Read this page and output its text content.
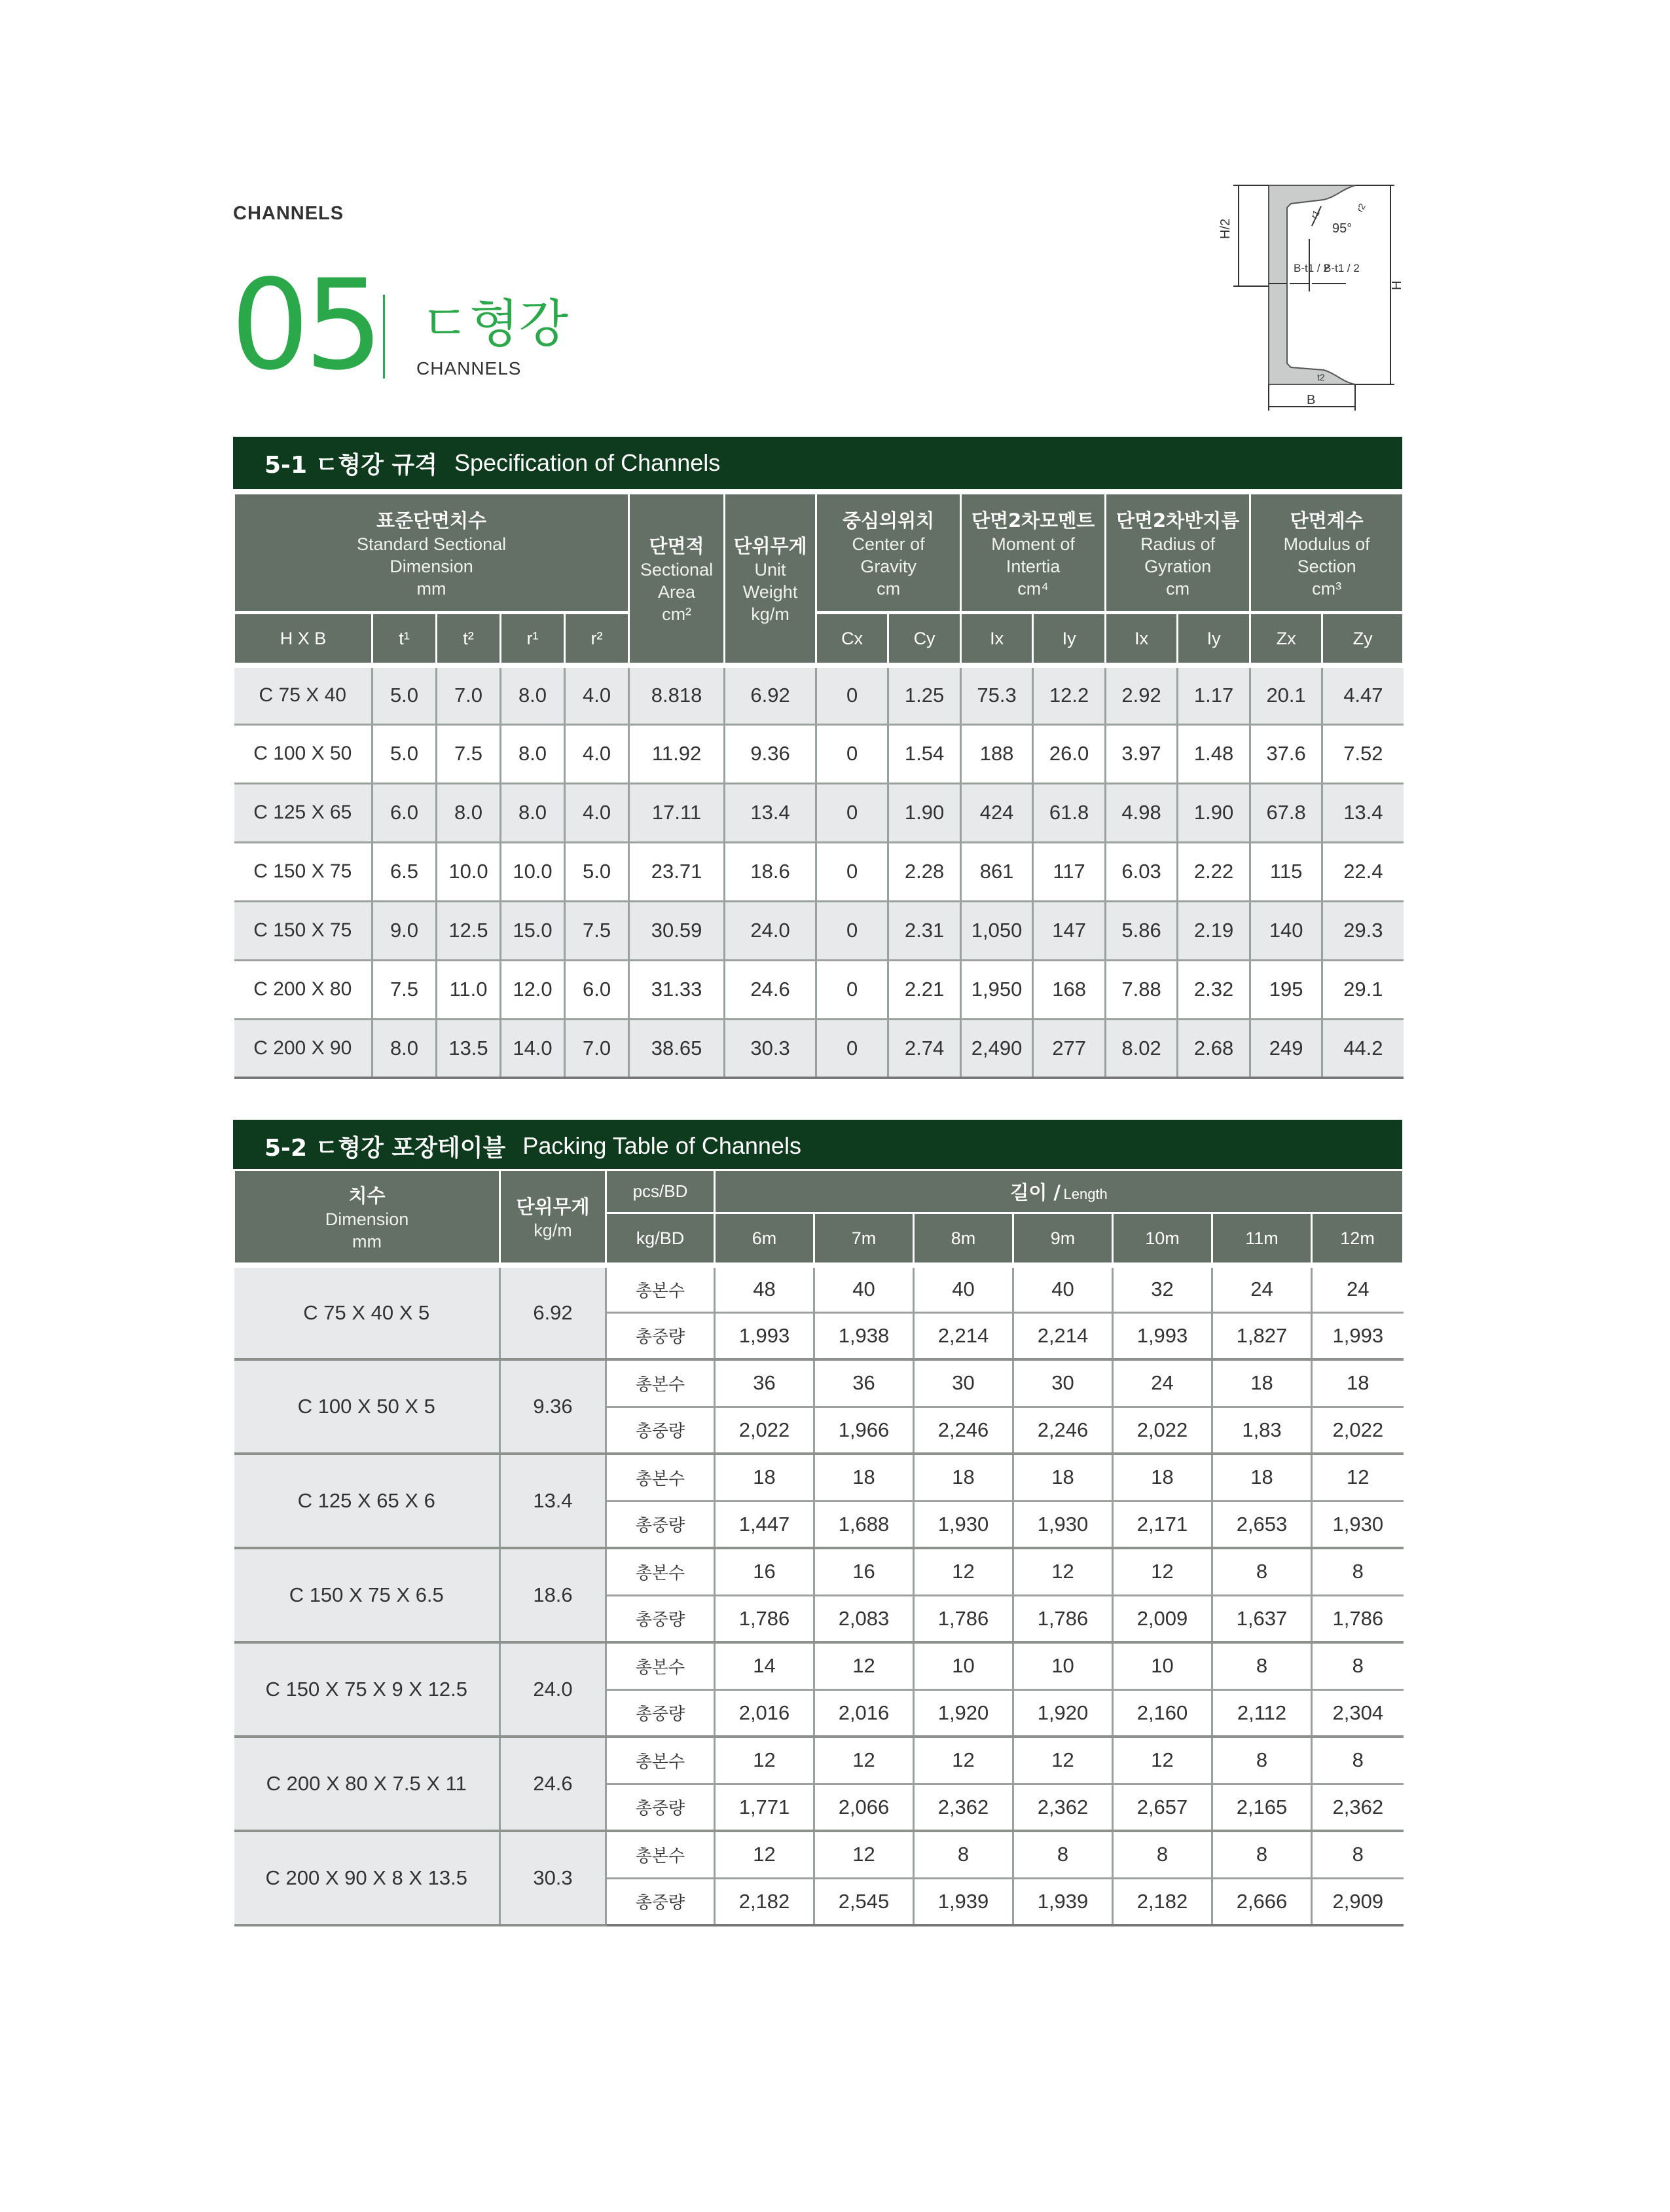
CHANNELS
05 ㄷ형강
CHANNELS
H/2	95°
B-t1 / 2
B-t1 / 2
H
B
t2
r1
r2
5-1 ㄷ형강 규격 Specification of Channels
표준단면치수
Standard Sectional
Dimension
mm					단면적
Sectional
Area
cm²	단위무게
Unit
Weight
kg/m	중심의위치
Center of
Gravity
cm		단면2차모멘트
Moment of
Intertia
cm⁴		단면2차반지름
Radius of
Gyration
cm		단면계수
Modulus of
Section
cm³	

H X B	t¹	t²	r¹	r²			Cx	Cy	Ix	Iy	Ix	Iy	Zx	Zy
C 75 X 40	5.0	7.0	8.0	4.0	8.818	6.92	0	1.25	75.3	12.2	2.92	1.17	20.1	4.47
C 100 X 50	5.0	7.5	8.0	4.0	11.92	9.36	0	1.54	188	26.0	3.97	1.48	37.6	7.52
C 125 X 65	6.0	8.0	8.0	4.0	17.11	13.4	0	1.90	424	61.8	4.98	1.90	67.8	13.4
C 150 X 75	6.5	10.0	10.0	5.0	23.71	18.6	0	2.28	861	117	6.03	2.22	115	22.4
C 150 X 75	9.0	12.5	15.0	7.5	30.59	24.0	0	2.31	1,050	147	5.86	2.19	140	29.3
C 200 X 80	7.5	11.0	12.0	6.0	31.33	24.6	0	2.21	1,950	168	7.88	2.32	195	29.1
C 200 X 90	8.0	13.5	14.0	7.0	38.65	30.3	0	2.74	2,490	277	8.02	2.68	249	44.2
5-2 ㄷ형강 포장테이블 Packing Table of Channels
치수
Dimension
mm	단위무게
kg/m	pcs/BD	길이 / Length						
		kg/BD	6m	7m	8m	9m	10m	11m	12m
C 75 X 40 X 5	6.92	총본수	48	40	40	40	32	24	24
		총중량	1,993	1,938	2,214	2,214	1,993	1,827	1,993
C 100 X 50 X 5	9.36	총본수	36	36	30	30	24	18	18
		총중량	2,022	1,966	2,246	2,246	2,022	1,83	2,022
C 125 X 65 X 6	13.4	총본수	18	18	18	18	18	18	12
		총중량	1,447	1,688	1,930	1,930	2,171	2,653	1,930
C 150 X 75 X 6.5	18.6	총본수	16	16	12	12	12	8	8
		총중량	1,786	2,083	1,786	1,786	2,009	1,637	1,786
C 150 X 75 X 9 X 12.5	24.0	총본수	14	12	10	10	10	8	8
		총중량	2,016	2,016	1,920	1,920	2,160	2,112	2,304
C 200 X 80 X 7.5 X 11	24.6	총본수	12	12	12	12	12	8	8
		총중량	1,771	2,066	2,362	2,362	2,657	2,165	2,362
C 200 X 90 X 8 X 13.5	30.3	총본수	12	12	8	8	8	8	8
		총중량	2,182	2,545	1,939	1,939	2,182	2,666	2,909
